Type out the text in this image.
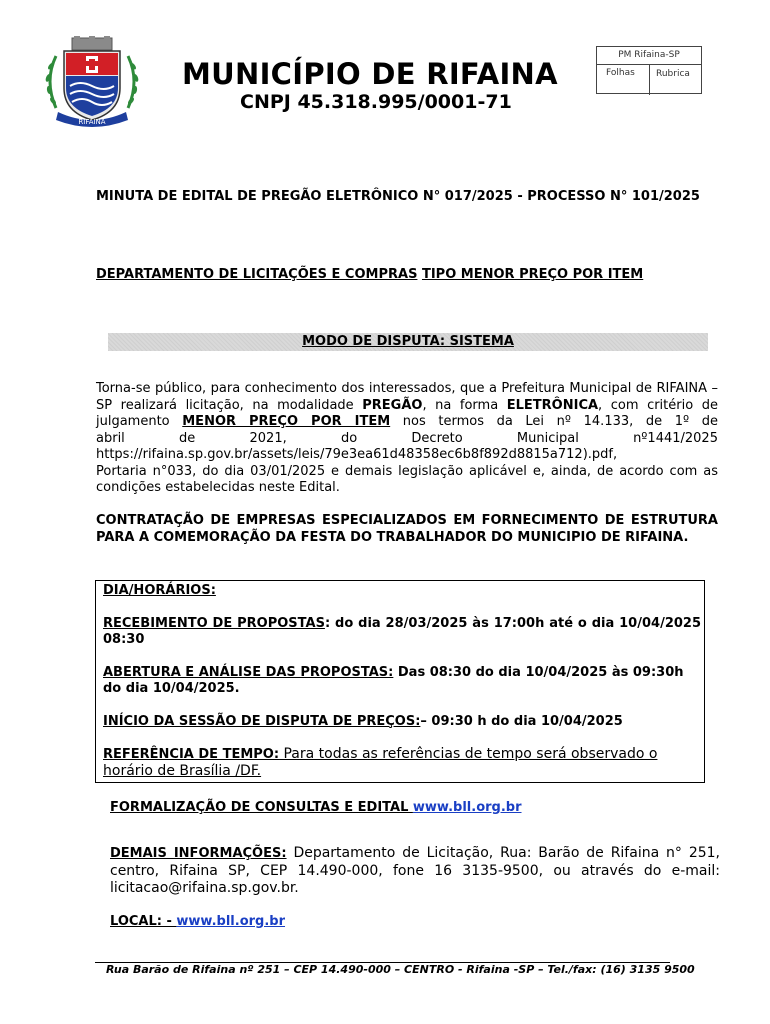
RIFAINA
MUNICÍPIO DE RIFAINA
CNPJ 45.318.995/0001-71
PM Rifaina-SP
Folhas	Rubrica
MINUTA DE EDITAL DE PREGÃO ELETRÔNICO N° 017/2025 - PROCESSO N° 101/2025
DEPARTAMENTO DE LICITAÇÕES E COMPRAS TIPO MENOR PREÇO POR ITEM
MODO DE DISPUTA: SISTEMA
Torna-se público, para conhecimento dos interessados, que a Prefeitura Municipal de RIFAINA – SP realizará licitação, na modalidade PREGÃO, na forma ELETRÔNICA, com critério de julgamento MENOR PREÇO POR ITEM nos termos da Lei nº 14.133, de 1º de
abril	de	2021,	do	Decreto	Municipal	nº1441/2025
https://rifaina.sp.gov.br/assets/leis/79e3ea61d48358ec6b8f892d8815a712).pdf,
Portaria n°033, do dia 03/01/2025 e demais legislação aplicável e, ainda, de acordo com as condições estabelecidas neste Edital.
CONTRATAÇÃO DE EMPRESAS ESPECIALIZADOS EM FORNECIMENTO DE ESTRUTURA PARA A COMEMORAÇÃO DA FESTA DO TRABALHADOR DO MUNICIPIO DE RIFAINA.
DIA/HORÁRIOS:
RECEBIMENTO DE PROPOSTAS: do dia 28/03/2025 às 17:00h até o dia 10/04/2025 08:30
ABERTURA E ANÁLISE DAS PROPOSTAS: Das 08:30 do dia 10/04/2025 às 09:30h do dia 10/04/2025.
INÍCIO DA SESSÃO DE DISPUTA DE PREÇOS:– 09:30 h do dia 10/04/2025
REFERÊNCIA DE TEMPO: Para todas as referências de tempo será observado o
horário de Brasília /DF.
FORMALIZAÇÃO DE CONSULTAS E EDITAL www.bll.org.br
DEMAIS INFORMAÇÕES: Departamento de Licitação, Rua: Barão de Rifaina n° 251, centro, Rifaina SP, CEP 14.490-000, fone 16 3135-9500, ou através do e-mail: licitacao@rifaina.sp.gov.br.
LOCAL: - www.bll.org.br
Rua Barão de Rifaina nº 251 – CEP 14.490-000 – CENTRO - Rifaina -SP – Tel./fax: (16) 3135 9500
